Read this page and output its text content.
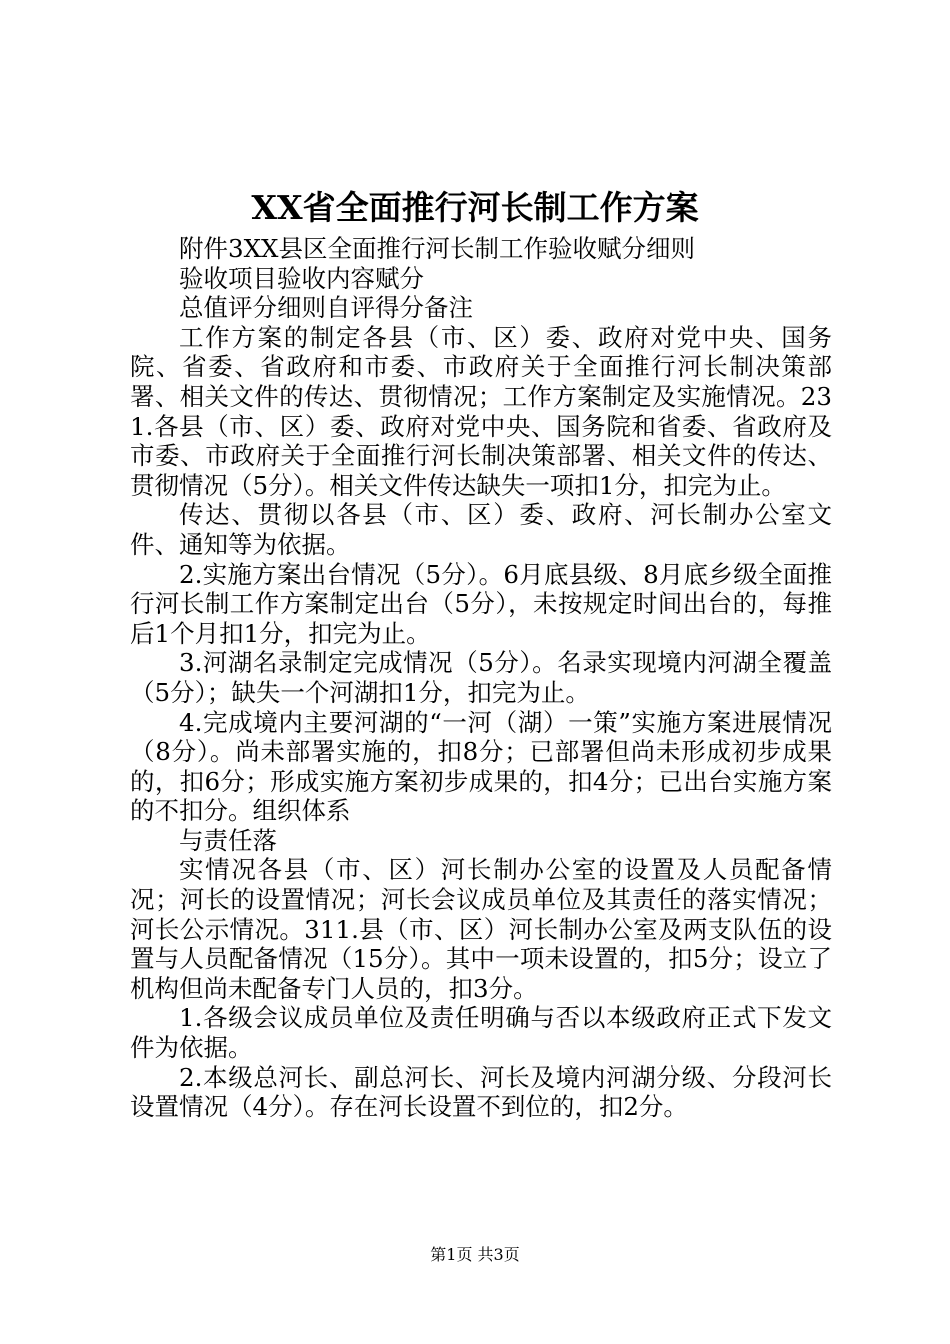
XX省全面推行河长制工作方案

附件3XX县区全面推行河长制工作验收赋分细则

验收项目验收内容赋分

总值评分细则自评得分备注

工作方案的制定各县（市、区）委、政府对党中央、国务院、省委、省政府和市委、市政府关于全面推行河长制决策部署、相关文件的传达、贯彻情况；工作方案制定及实施情况。231.各县（市、区）委、政府对党中央、国务院和省委、省政府及市委、市政府关于全面推行河长制决策部署、相关文件的传达、贯彻情况（5分）。相关文件传达缺失一项扣1分，扣完为止。

传达、贯彻以各县（市、区）委、政府、河长制办公室文件、通知等为依据。

2.实施方案出台情况（5分）。6月底县级、8月底乡级全面推行河长制工作方案制定出台（5分），未按规定时间出台的，每推后1个月扣1分，扣完为止。

3.河湖名录制定完成情况（5分）。名录实现境内河湖全覆盖（5分）；缺失一个河湖扣1分，扣完为止。

4.完成境内主要河湖的“一河（湖）一策”实施方案进展情况（8分）。尚未部署实施的，扣8分；已部署但尚未形成初步成果的，扣6分；形成实施方案初步成果的，扣4分；已出台实施方案的不扣分。组织体系

与责任落

实情况各县（市、区）河长制办公室的设置及人员配备情况；河长的设置情况；河长会议成员单位及其责任的落实情况；河长公示情况。311.县（市、区）河长制办公室及两支队伍的设置与人员配备情况（15分）。其中一项未设置的，扣5分；设立了机构但尚未配备专门人员的，扣3分。

1.各级会议成员单位及责任明确与否以本级政府正式下发文件为依据。

2.本级总河长、副总河长、河长及境内河湖分级、分段河长设置情况（4分）。存在河长设置不到位的，扣2分。

第1页 共3页
